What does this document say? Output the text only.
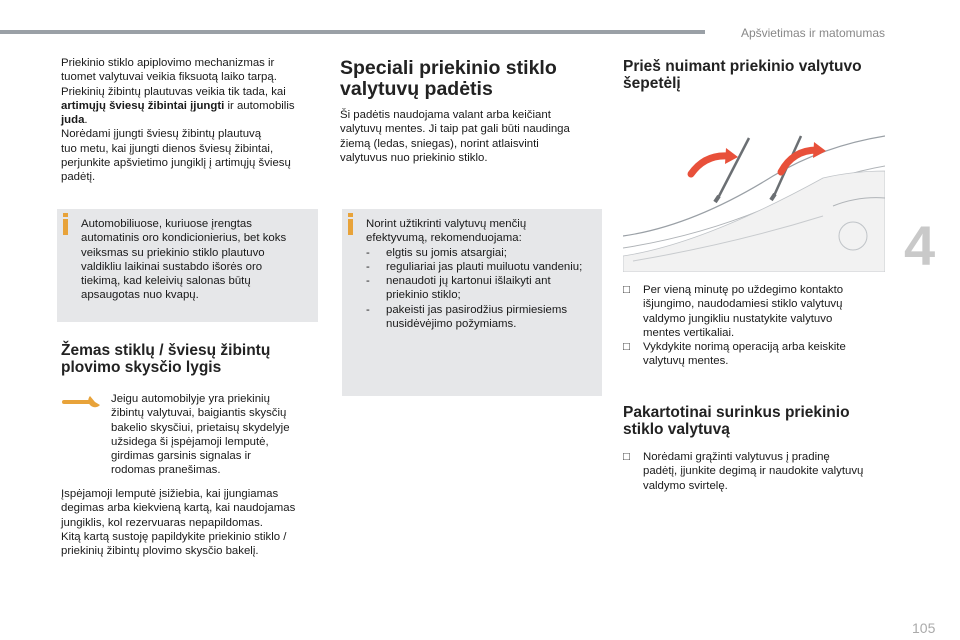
Apšvietimas ir matomumas
4
105

Priekinio stiklo apiplovimo mechanizmas ir

tuomet valytuvai veikia fiksuotą laiko tarpą.

Priekinių žibintų plautuvas veikia tik tada, kai

artimųjų šviesų žibintai įjungti ir automobilis

juda.

Norėdami įjungti šviesų žibintų plautuvą

tuo metu, kai įjungti dienos šviesų žibintai,

perjunkite apšvietimo jungiklį į artimųjų šviesų

padėtį.

Automobiliuose, kuriuose įrengtas

automatinis oro kondicionierius, bet koks

veiksmas su priekinio stiklo plautuvo

valdikliu laikinai sustabdo išorės oro

tiekimą, kad keleivių salonas būtų

apsaugotas nuo kvapų.

Žemas stiklų / šviesų žibintų
plovimo skysčio lygis

Jeigu automobilyje yra priekinių

žibintų valytuvai, baigiantis skysčių

bakelio skysčiui, prietaisų skydelyje

užsidega ši įspėjamoji lemputė,

girdimas garsinis signalas ir

rodomas pranešimas.

Įspėjamoji lemputė įsižiebia, kai įjungiamas

degimas arba kiekvieną kartą, kai naudojamas

jungiklis, kol rezervuaras nepapildomas.

Kitą kartą sustoję papildykite priekinio stiklo /

priekinių žibintų plovimo skysčio bakelį.

Speciali priekinio stiklo
valytuvų padėtis

Ši padėtis naudojama valant arba keičiant

valytuvų mentes. Ji taip pat gali būti naudinga

žiemą (ledas, sniegas), norint atlaisvinti

valytuvus nuo priekinio stiklo.

Norint užtikrinti valytuvų menčių

efektyvumą, rekomenduojama:

- elgtis su jomis atsargiai;
- reguliariai jas plauti muiluotu vandeniu;
- nenaudoti jų kartonui išlaikyti ant
priekinio stiklo;
- pakeisti jas pasirodžius pirmiesiems
nusidėvėjimo požymiams.
Prieš nuimant priekinio valytuvo
šepetėlį
□ Per vieną minutę po uždegimo kontakto
išjungimo, naudodamiesi stiklo valytuvų
valdymo jungikliu nustatykite valytuvo
mentes vertikaliai.
□ Vykdykite norimą operaciją arba keiskite
valytuvų mentes.
Pakartotinai surinkus priekinio
stiklo valytuvą
□ Norėdami grąžinti valytuvus į pradinę
padėtį, įjunkite degimą ir naudokite valytuvų
valdymo svirtelę.
